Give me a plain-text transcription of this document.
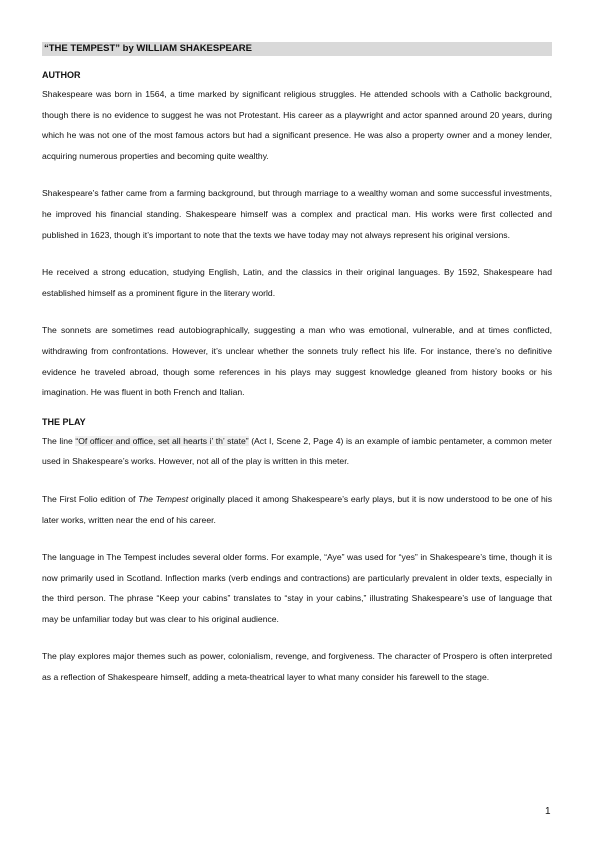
“THE TEMPEST” by WILLIAM SHAKESPEARE
AUTHOR

Shakespeare was born in 1564, a time marked by significant religious struggles. He attended schools with a Catholic background, though there is no evidence to suggest he was not Protestant. His career as a playwright and actor spanned around 20 years, during which he was not one of the most famous actors but had a significant presence. He was also a property owner and a money lender, acquiring numerous properties and becoming quite wealthy.

Shakespeare’s father came from a farming background, but through marriage to a wealthy woman and some successful investments, he improved his financial standing. Shakespeare himself was a complex and practical man. His works were first collected and published in 1623, though it’s important to note that the texts we have today may not always represent his original versions.

He received a strong education, studying English, Latin, and the classics in their original languages. By 1592, Shakespeare had established himself as a prominent figure in the literary world.

The sonnets are sometimes read autobiographically, suggesting a man who was emotional, vulnerable, and at times conflicted, withdrawing from confrontations. However, it’s unclear whether the sonnets truly reflect his life. For instance, there’s no definitive evidence he traveled abroad, though some references in his plays may suggest knowledge gleaned from history books or his imagination. He was fluent in both French and Italian.

THE PLAY

The line “Of officer and office, set all hearts i’ th’ state” (Act I, Scene 2, Page 4) is an example of iambic pentameter, a common meter used in Shakespeare’s works. However, not all of the play is written in this meter.

The First Folio edition of The Tempest originally placed it among Shakespeare’s early plays, but it is now understood to be one of his later works, written near the end of his career.

The language in The Tempest includes several older forms. For example, “Aye” was used for “yes” in Shakespeare’s time, though it is now primarily used in Scotland. Inflection marks (verb endings and contractions) are particularly prevalent in older texts, especially in the third person. The phrase “Keep your cabins” translates to “stay in your cabins,” illustrating Shakespeare’s use of language that may be unfamiliar today but was clear to his original audience.

The play explores major themes such as power, colonialism, revenge, and forgiveness. The character of Prospero is often interpreted as a reflection of Shakespeare himself, adding a meta-theatrical layer to what many consider his farewell to the stage.

1
